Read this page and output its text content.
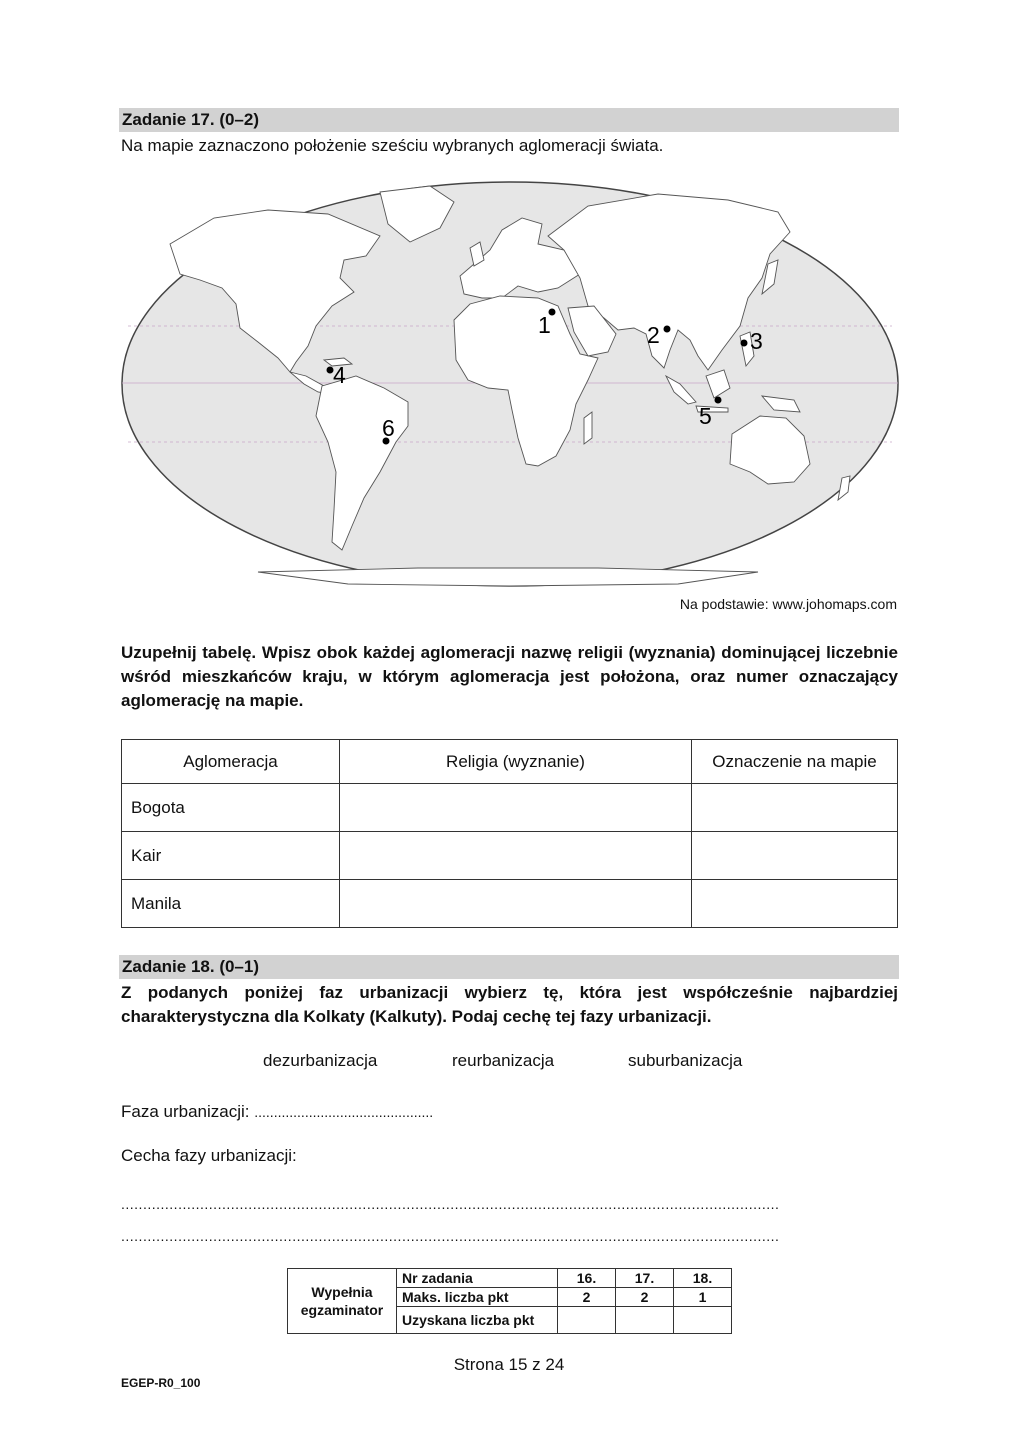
Zadanie 17. (0–2)
Na mapie zaznaczono położenie sześciu wybranych aglomeracji świata.
1	2	3
4
5
6
Na podstawie: www.johomaps.com
Uzupełnij tabelę. Wpisz obok każdej aglomeracji nazwę religii (wyznania) dominującej liczebnie wśród mieszkańców kraju, w którym aglomeracja jest położona, oraz numer oznaczający aglomerację na mapie.
Aglomeracja	Religia (wyznanie)	Oznaczenie na mapie
Bogota		
Kair		
Manila		
Zadanie 18. (0–1)
Z podanych poniżej faz urbanizacji wybierz tę, która jest współcześnie najbardziej charakterystyczna dla Kolkaty (Kalkuty). Podaj cechę tej fazy urbanizacji.
dezurbanizacja	reurbanizacja	suburbanizacja
Faza urbanizacji: ..............................................
Cecha fazy urbanizacji:
......................................................................................................................................................
......................................................................................................................................................
Wypełnia
egzaminator	Nr zadania	16.	17.	18.
	Maks. liczba pkt	2	2	1
	Uzyskana liczba pkt			
Strona 15 z 24
EGEP-R0_100
